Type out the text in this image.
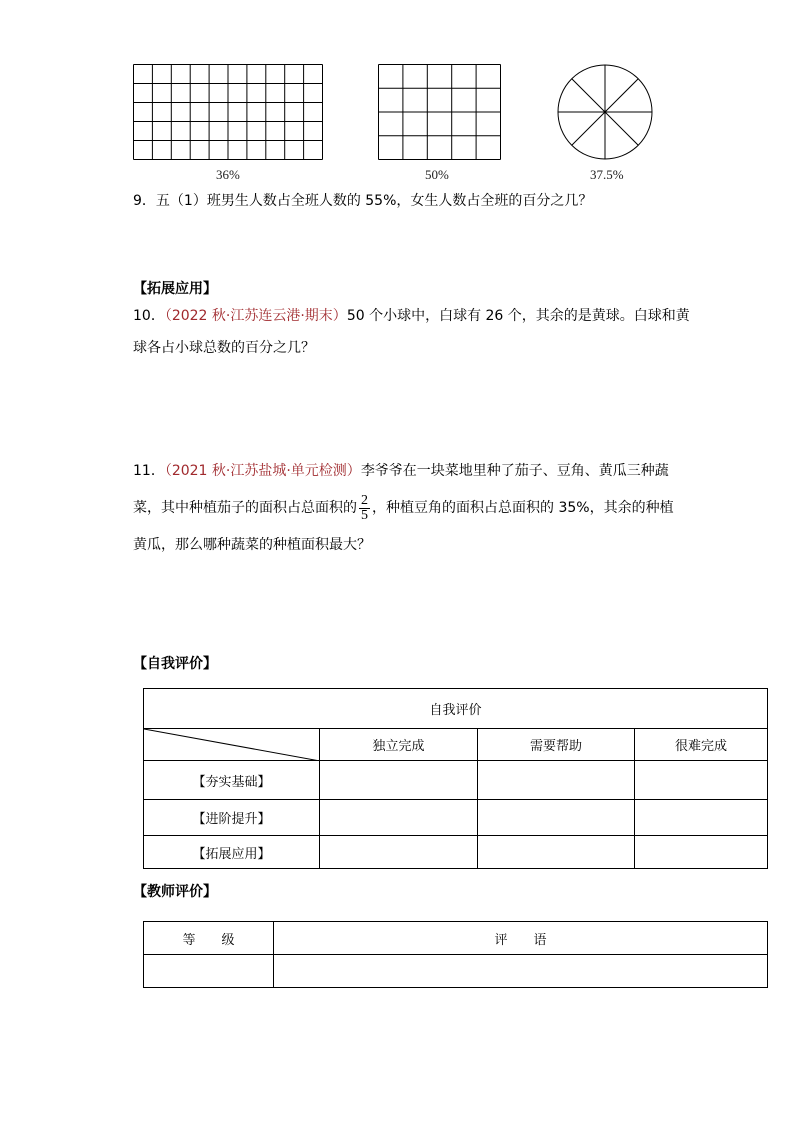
36%	50%	37.5%
9．五（1）班男生人数占全班人数的 55%，女生人数占全班的百分之几？
【拓展应用】
10．（2022 秋·江苏连云港·期末）50 个小球中，白球有 26 个，其余的是黄球。白球和黄
球各占小球总数的百分之几？
11．（2021 秋·江苏盐城·单元检测）李爷爷在一块菜地里种了茄子、豆角、黄瓜三种蔬
菜，其中种植茄子的面积占总面积的 $\frac{2}{5}$ ，种植豆角的面积占总面积的 35%，其余的种植
黄瓜，那么哪种蔬菜的种植面积最大？
【自我评价】
自我评价			

	独立完成	需要帮助	很难完成
【夯实基础】			
【进阶提升】			
【拓展应用】			
【教师评价】
等　　级	评　　语
